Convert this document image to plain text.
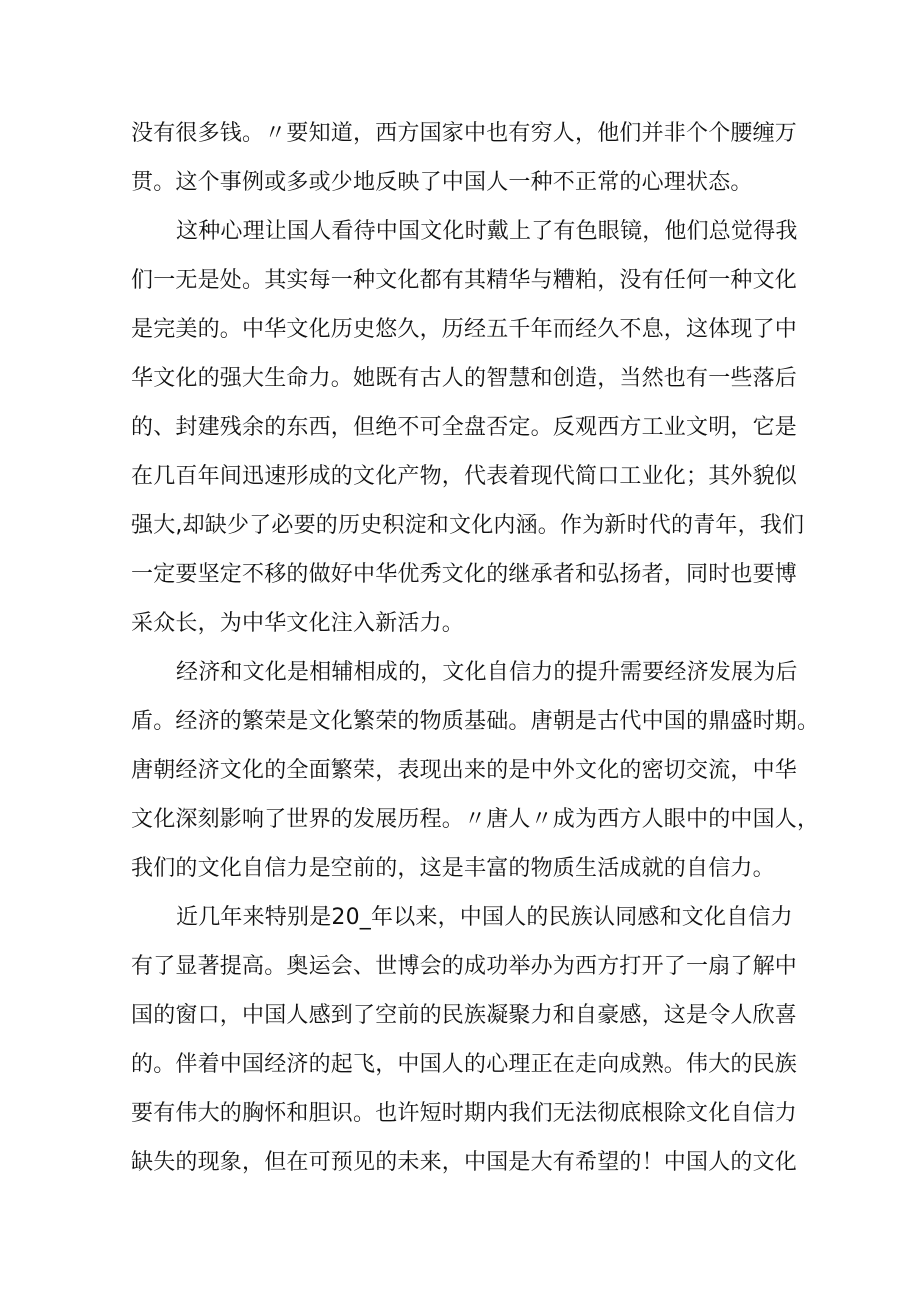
没有很多钱。〃要知道，西方国家中也有穷人，他们并非个个腰缠万
贯。这个事例或多或少地反映了中国人一种不正常的心理状态。
这种心理让国人看待中国文化时戴上了有色眼镜，他们总觉得我
们一无是处。其实每一种文化都有其精华与糟粕，没有任何一种文化
是完美的。中华文化历史悠久，历经五千年而经久不息，这体现了中
华文化的强大生命力。她既有古人的智慧和创造，当然也有一些落后
的、封建残余的东西，但绝不可全盘否定。反观西方工业文明，它是
在几百年间迅速形成的文化产物，代表着现代简口工业化；其外貌似
强大,却缺少了必要的历史积淀和文化内涵。作为新时代的青年，我们
一定要坚定不移的做好中华优秀文化的继承者和弘扬者，同时也要博
采众长，为中华文化注入新活力。
经济和文化是相辅相成的，文化自信力的提升需要经济发展为后
盾。经济的繁荣是文化繁荣的物质基础。唐朝是古代中国的鼎盛时期。
唐朝经济文化的全面繁荣，表现出来的是中外文化的密切交流，中华
文化深刻影响了世界的发展历程。〃唐人〃成为西方人眼中的中国人，
我们的文化自信力是空前的，这是丰富的物质生活成就的自信力。
近几年来特别是20_年以来，中国人的民族认同感和文化自信力
有了显著提高。奥运会、世博会的成功举办为西方打开了一扇了解中
国的窗口，中国人感到了空前的民族凝聚力和自豪感，这是令人欣喜
的。伴着中国经济的起飞，中国人的心理正在走向成熟。伟大的民族
要有伟大的胸怀和胆识。也许短时期内我们无法彻底根除文化自信力
缺失的现象，但在可预见的未来，中国是大有希望的！中国人的文化
